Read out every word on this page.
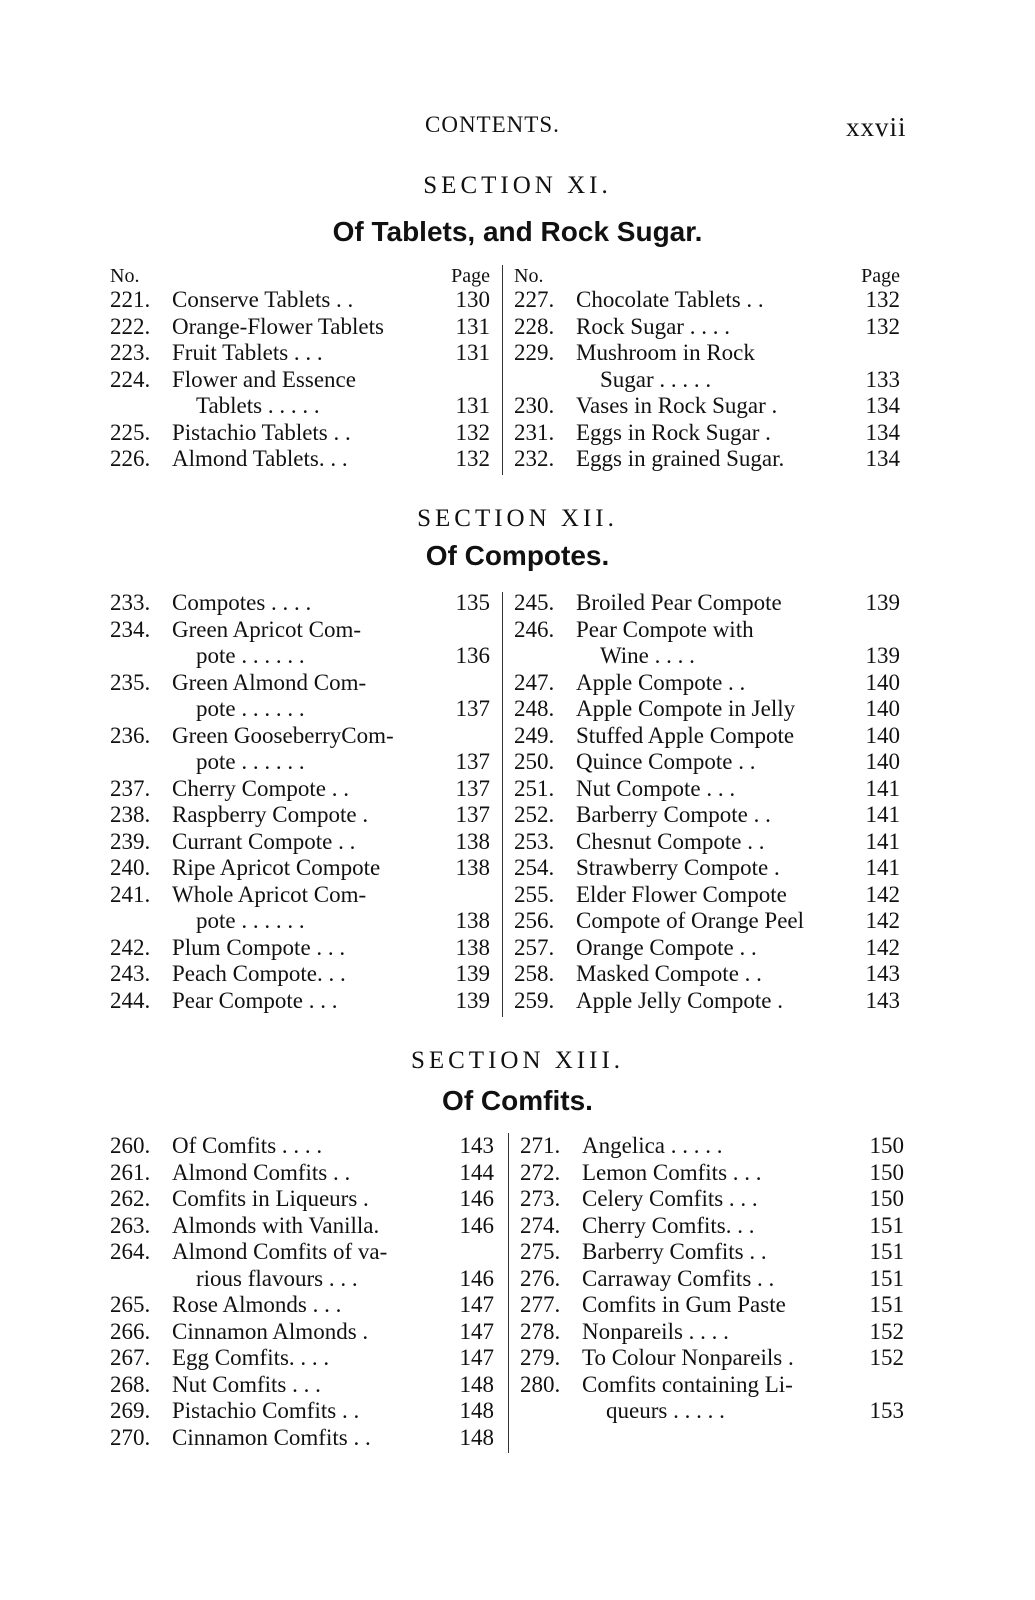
CONTENTS.	xxvii
SECTION XI.
Of Tablets, and Rock Sugar.
No.	Page
221. Conserve Tablets . .	130
222. Orange-Flower Tablets	131
223. Fruit Tablets . . .	131
224. Flower and Essence
Tablets . . . . .	131
225. Pistachio Tablets . .	132
226. Almond Tablets. . .	132
No.	Page
227. Chocolate Tablets . .	132
228. Rock Sugar . . . .	132
229. Mushroom in Rock
Sugar . . . . .	133
230. Vases in Rock Sugar .	134
231. Eggs in Rock Sugar .	134
232. Eggs in grained Sugar.	134
SECTION XII.
Of Compotes.
233. Compotes . . . .	135
234. Green Apricot Com-
pote . . . . . .	136
235. Green Almond Com-
pote . . . . . .	137
236. Green GooseberryCom-
pote . . . . . .	137
237. Cherry Compote . .	137
238. Raspberry Compote .	137
239. Currant Compote . .	138
240. Ripe Apricot Compote	138
241. Whole Apricot Com-
pote . . . . . .	138
242. Plum Compote . . .	138
243. Peach Compote. . .	139
244. Pear Compote . . .	139
245. Broiled Pear Compote	139
246. Pear Compote with
Wine . . . .	139
247. Apple Compote . .	140
248. Apple Compote in Jelly	140
249. Stuffed Apple Compote	140
250. Quince Compote . .	140
251. Nut Compote . . .	141
252. Barberry Compote . .	141
253. Chesnut Compote . .	141
254. Strawberry Compote .	141
255. Elder Flower Compote	142
256. Compote of Orange Peel	142
257. Orange Compote . .	142
258. Masked Compote . .	143
259. Apple Jelly Compote .	143
SECTION XIII.
Of Comfits.
260. Of Comfits . . . .	143
261. Almond Comfits . .	144
262. Comfits in Liqueurs .	146
263. Almonds with Vanilla.	146
264. Almond Comfits of va-
rious flavours . . .	146
265. Rose Almonds . . .	147
266. Cinnamon Almonds .	147
267. Egg Comfits. . . .	147
268. Nut Comfits . . .	148
269. Pistachio Comfits . .	148
270. Cinnamon Comfits . .	148
271. Angelica . . . . .	150
272. Lemon Comfits . . .	150
273. Celery Comfits . . .	150
274. Cherry Comfits. . .	151
275. Barberry Comfits . .	151
276. Carraway Comfits . .	151
277. Comfits in Gum Paste	151
278. Nonpareils . . . .	152
279. To Colour Nonpareils .	152
280. Comfits containing Li-
queurs . . . . .	153
